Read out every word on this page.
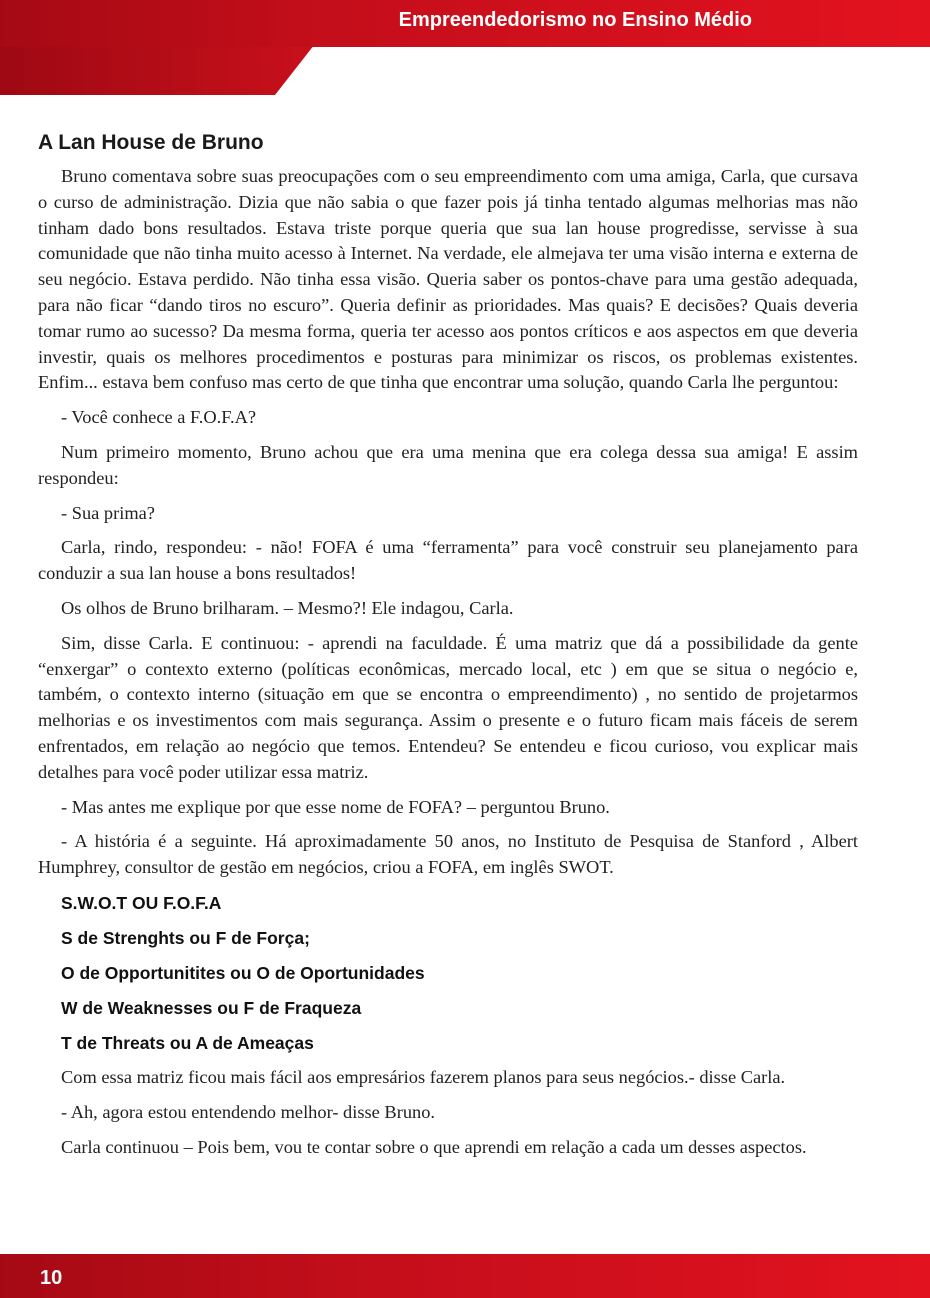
Empreendedorismo no Ensino Médio
A Lan House de Bruno

Bruno comentava sobre suas preocupações com o seu empreendimento com uma amiga, Carla, que cursava o curso de administração. Dizia que não sabia o que fazer pois já tinha tentado algumas melhorias mas não tinham dado bons resultados. Estava triste porque queria que sua lan house progredisse, servisse à sua comunidade que não tinha muito acesso à Internet. Na verdade, ele almejava ter uma visão interna e externa de seu negócio. Estava perdido. Não tinha essa visão. Queria saber os pontos-chave para uma gestão adequada, para não ficar “dando tiros no escuro”. Queria definir as prioridades. Mas quais? E decisões? Quais deveria tomar rumo ao sucesso? Da mesma forma, queria ter acesso aos pontos críticos e aos aspectos em que deveria investir, quais os melhores procedimentos e posturas para minimizar os riscos, os problemas existentes. Enfim... estava bem confuso mas certo de que tinha que encontrar uma solução, quando Carla lhe perguntou:

- Você conhece a F.O.F.A?

Num primeiro momento, Bruno achou que era uma menina que era colega dessa sua amiga! E assim respondeu:

- Sua prima?

Carla, rindo, respondeu: - não! FOFA é uma “ferramenta” para você construir seu planejamento para conduzir a sua lan house a bons resultados!

Os olhos de Bruno brilharam. – Mesmo?! Ele indagou, Carla.

Sim, disse Carla. E continuou: - aprendi na faculdade. É uma matriz que dá a possibilidade da gente “enxergar” o contexto externo (políticas econômicas, mercado local, etc ) em que se situa o negócio e, também, o contexto interno (situação em que se encontra o empreendimento) , no sentido de projetarmos melhorias e os investimentos com mais segurança. Assim o presente e o futuro ficam mais fáceis de serem enfrentados, em relação ao negócio que temos. Entendeu? Se entendeu e ficou curioso, vou explicar mais detalhes para você poder utilizar essa matriz.

- Mas antes me explique por que esse nome de FOFA? – perguntou Bruno.

- A história é a seguinte. Há aproximadamente 50 anos, no Instituto de Pesquisa de Stanford , Albert Humphrey, consultor de gestão em negócios, criou a FOFA, em inglês SWOT.

S.W.O.T OU F.O.F.A
S de Strenghts ou F de Força;
O de Opportunitites ou O de Oportunidades
W de Weaknesses ou F de Fraqueza
T de Threats ou A de Ameaças

Com essa matriz ficou mais fácil aos empresários fazerem planos para seus negócios.- disse Carla.

- Ah, agora estou entendendo melhor- disse Bruno.

Carla continuou – Pois bem, vou te contar sobre o que aprendi em relação a cada um desses aspectos.

10
